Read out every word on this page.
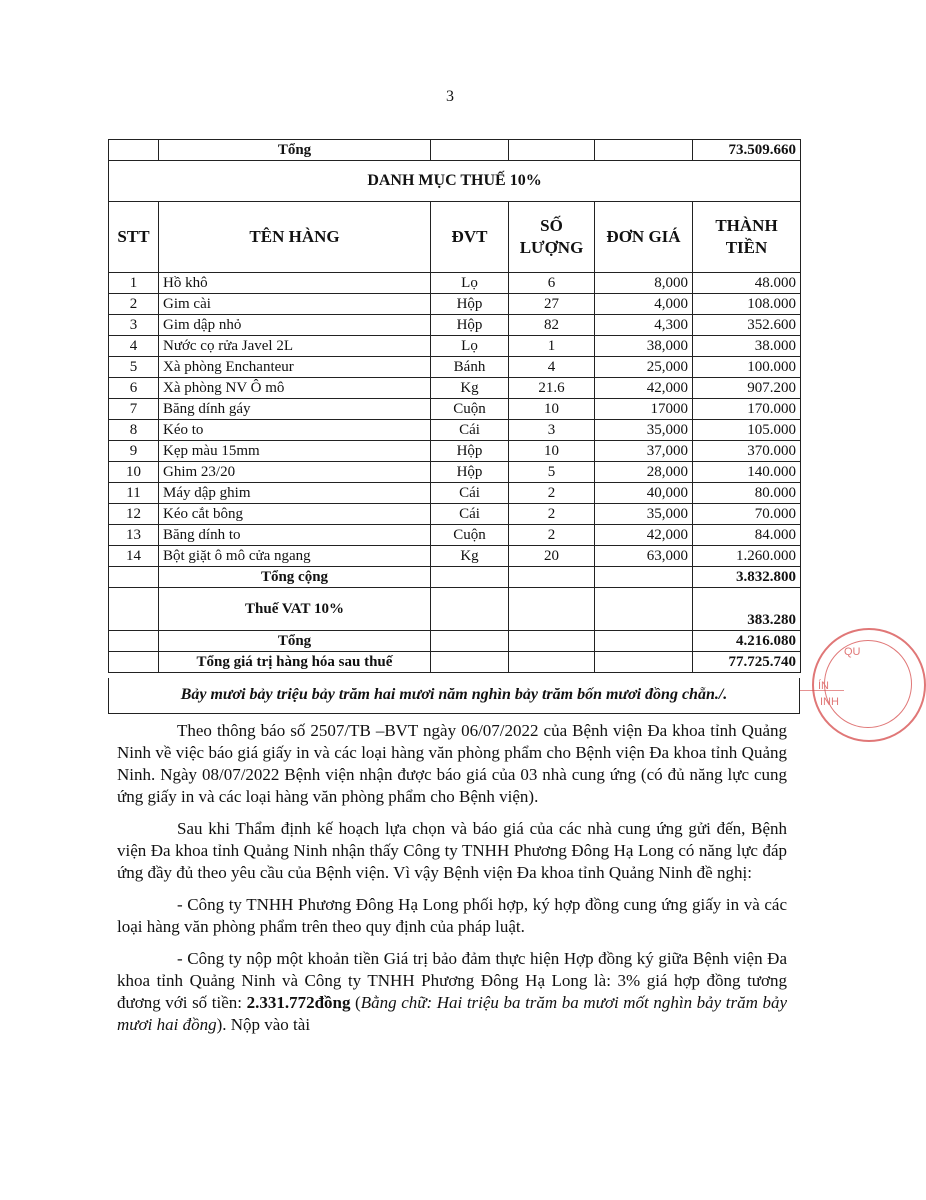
3
	Tổng				73.509.660
DANH MỤC THUẾ 10%					
STT	TÊN HÀNG	ĐVT	SỐ LƯỢNG	ĐƠN GIÁ	THÀNH TIỀN
1	Hồ khô	Lọ	6	8,000	48.000
2	Gim cài	Hộp	27	4,000	108.000
3	Gim dập nhỏ	Hộp	82	4,300	352.600
4	Nước cọ rửa Javel 2L	Lọ	1	38,000	38.000
5	Xà phòng Enchanteur	Bánh	4	25,000	100.000
6	Xà phòng NV Ô mô	Kg	21.6	42,000	907.200
7	Băng dính gáy	Cuộn	10	17000	170.000
8	Kéo to	Cái	3	35,000	105.000
9	Kẹp màu 15mm	Hộp	10	37,000	370.000
10	Ghim 23/20	Hộp	5	28,000	140.000
11	Máy dập ghim	Cái	2	40,000	80.000
12	Kéo cắt bông	Cái	2	35,000	70.000
13	Băng dính to	Cuộn	2	42,000	84.000
14	Bột giặt ô mô cửa ngang	Kg	20	63,000	1.260.000
	Tổng cộng				3.832.800
	Thuế VAT 10%				383.280
	Tổng				4.216.080
	Tổng giá trị hàng hóa sau thuế				77.725.740
Bảy mươi bảy triệu bảy trăm hai mươi năm nghìn bảy trăm bốn mươi đồng chẵn./.

Theo thông báo số 2507/TB –BVT ngày 06/07/2022 của Bệnh viện Đa khoa tỉnh Quảng Ninh về việc báo giá giấy in và các loại hàng văn phòng phẩm cho Bệnh viện Đa khoa tỉnh Quảng Ninh. Ngày 08/07/2022 Bệnh viện nhận được báo giá của 03 nhà cung ứng (có đủ năng lực cung ứng giấy in và các loại hàng văn phòng phẩm cho Bệnh viện).

Sau khi Thẩm định kế hoạch lựa chọn và báo giá của các nhà cung ứng gửi đến, Bệnh viện Đa khoa tỉnh Quảng Ninh nhận thấy Công ty TNHH Phương Đông Hạ Long có năng lực đáp ứng đầy đủ theo yêu cầu của Bệnh viện. Vì vậy Bệnh viện Đa khoa tỉnh Quảng Ninh đề nghị:

- Công ty TNHH Phương Đông Hạ Long phối hợp, ký hợp đồng cung ứng giấy in và các loại hàng văn phòng phẩm trên theo quy định của pháp luật.

- Công ty nộp một khoản tiền Giá trị bảo đảm thực hiện Hợp đồng ký giữa Bệnh viện Đa khoa tỉnh Quảng Ninh và Công ty TNHH Phương Đông Hạ Long là: 3% giá hợp đồng tương đương với số tiền: 2.331.772đồng (Bằng chữ: Hai triệu ba trăm ba mươi mốt nghìn bảy trăm bảy mươi hai đồng). Nộp vào tài

QU
ÍN
INH
